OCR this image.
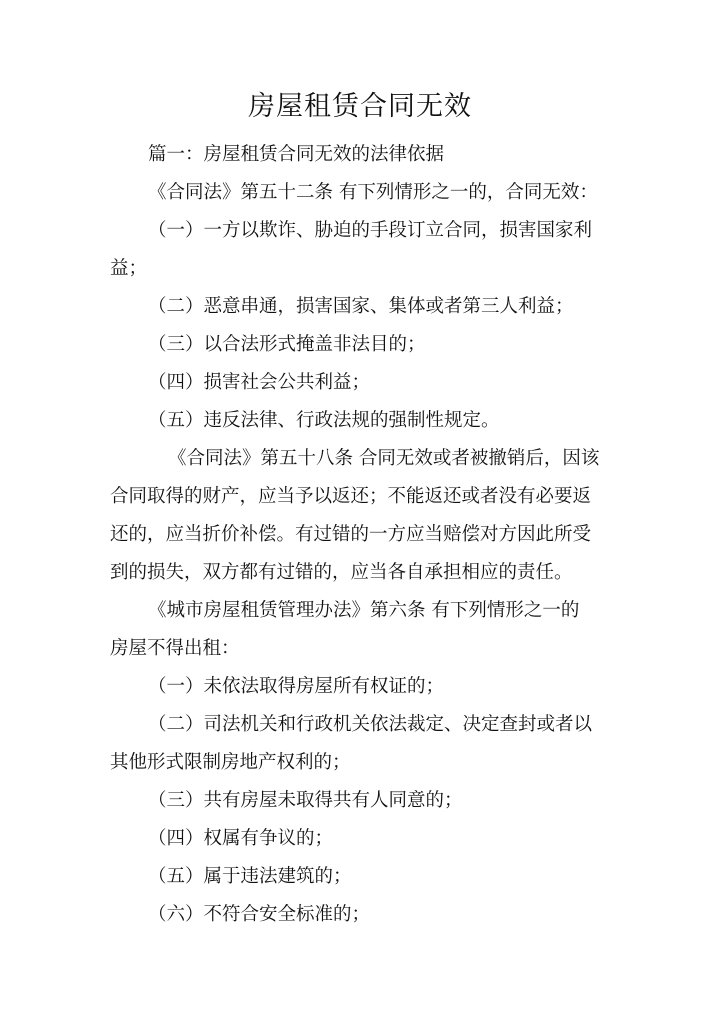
房屋租赁合同无效
篇一：房屋租赁合同无效的法律依据
《合同法》第五十二条 有下列情形之一的，合同无效：
（一）一方以欺诈、胁迫的手段订立合同，损害国家利
益；
（二）恶意串通，损害国家、集体或者第三人利益；
（三）以合法形式掩盖非法目的；
（四）损害社会公共利益；
（五）违反法律、行政法规的强制性规定。
《合同法》第五十八条 合同无效或者被撤销后，因该
合同取得的财产，应当予以返还；不能返还或者没有必要返
还的，应当折价补偿。有过错的一方应当赔偿对方因此所受
到的损失，双方都有过错的，应当各自承担相应的责任。
《城市房屋租赁管理办法》第六条 有下列情形之一的
房屋不得出租：
（一）未依法取得房屋所有权证的；
（二）司法机关和行政机关依法裁定、决定查封或者以
其他形式限制房地产权利的；
（三）共有房屋未取得共有人同意的；
（四）权属有争议的；
（五）属于违法建筑的；
（六）不符合安全标准的；
